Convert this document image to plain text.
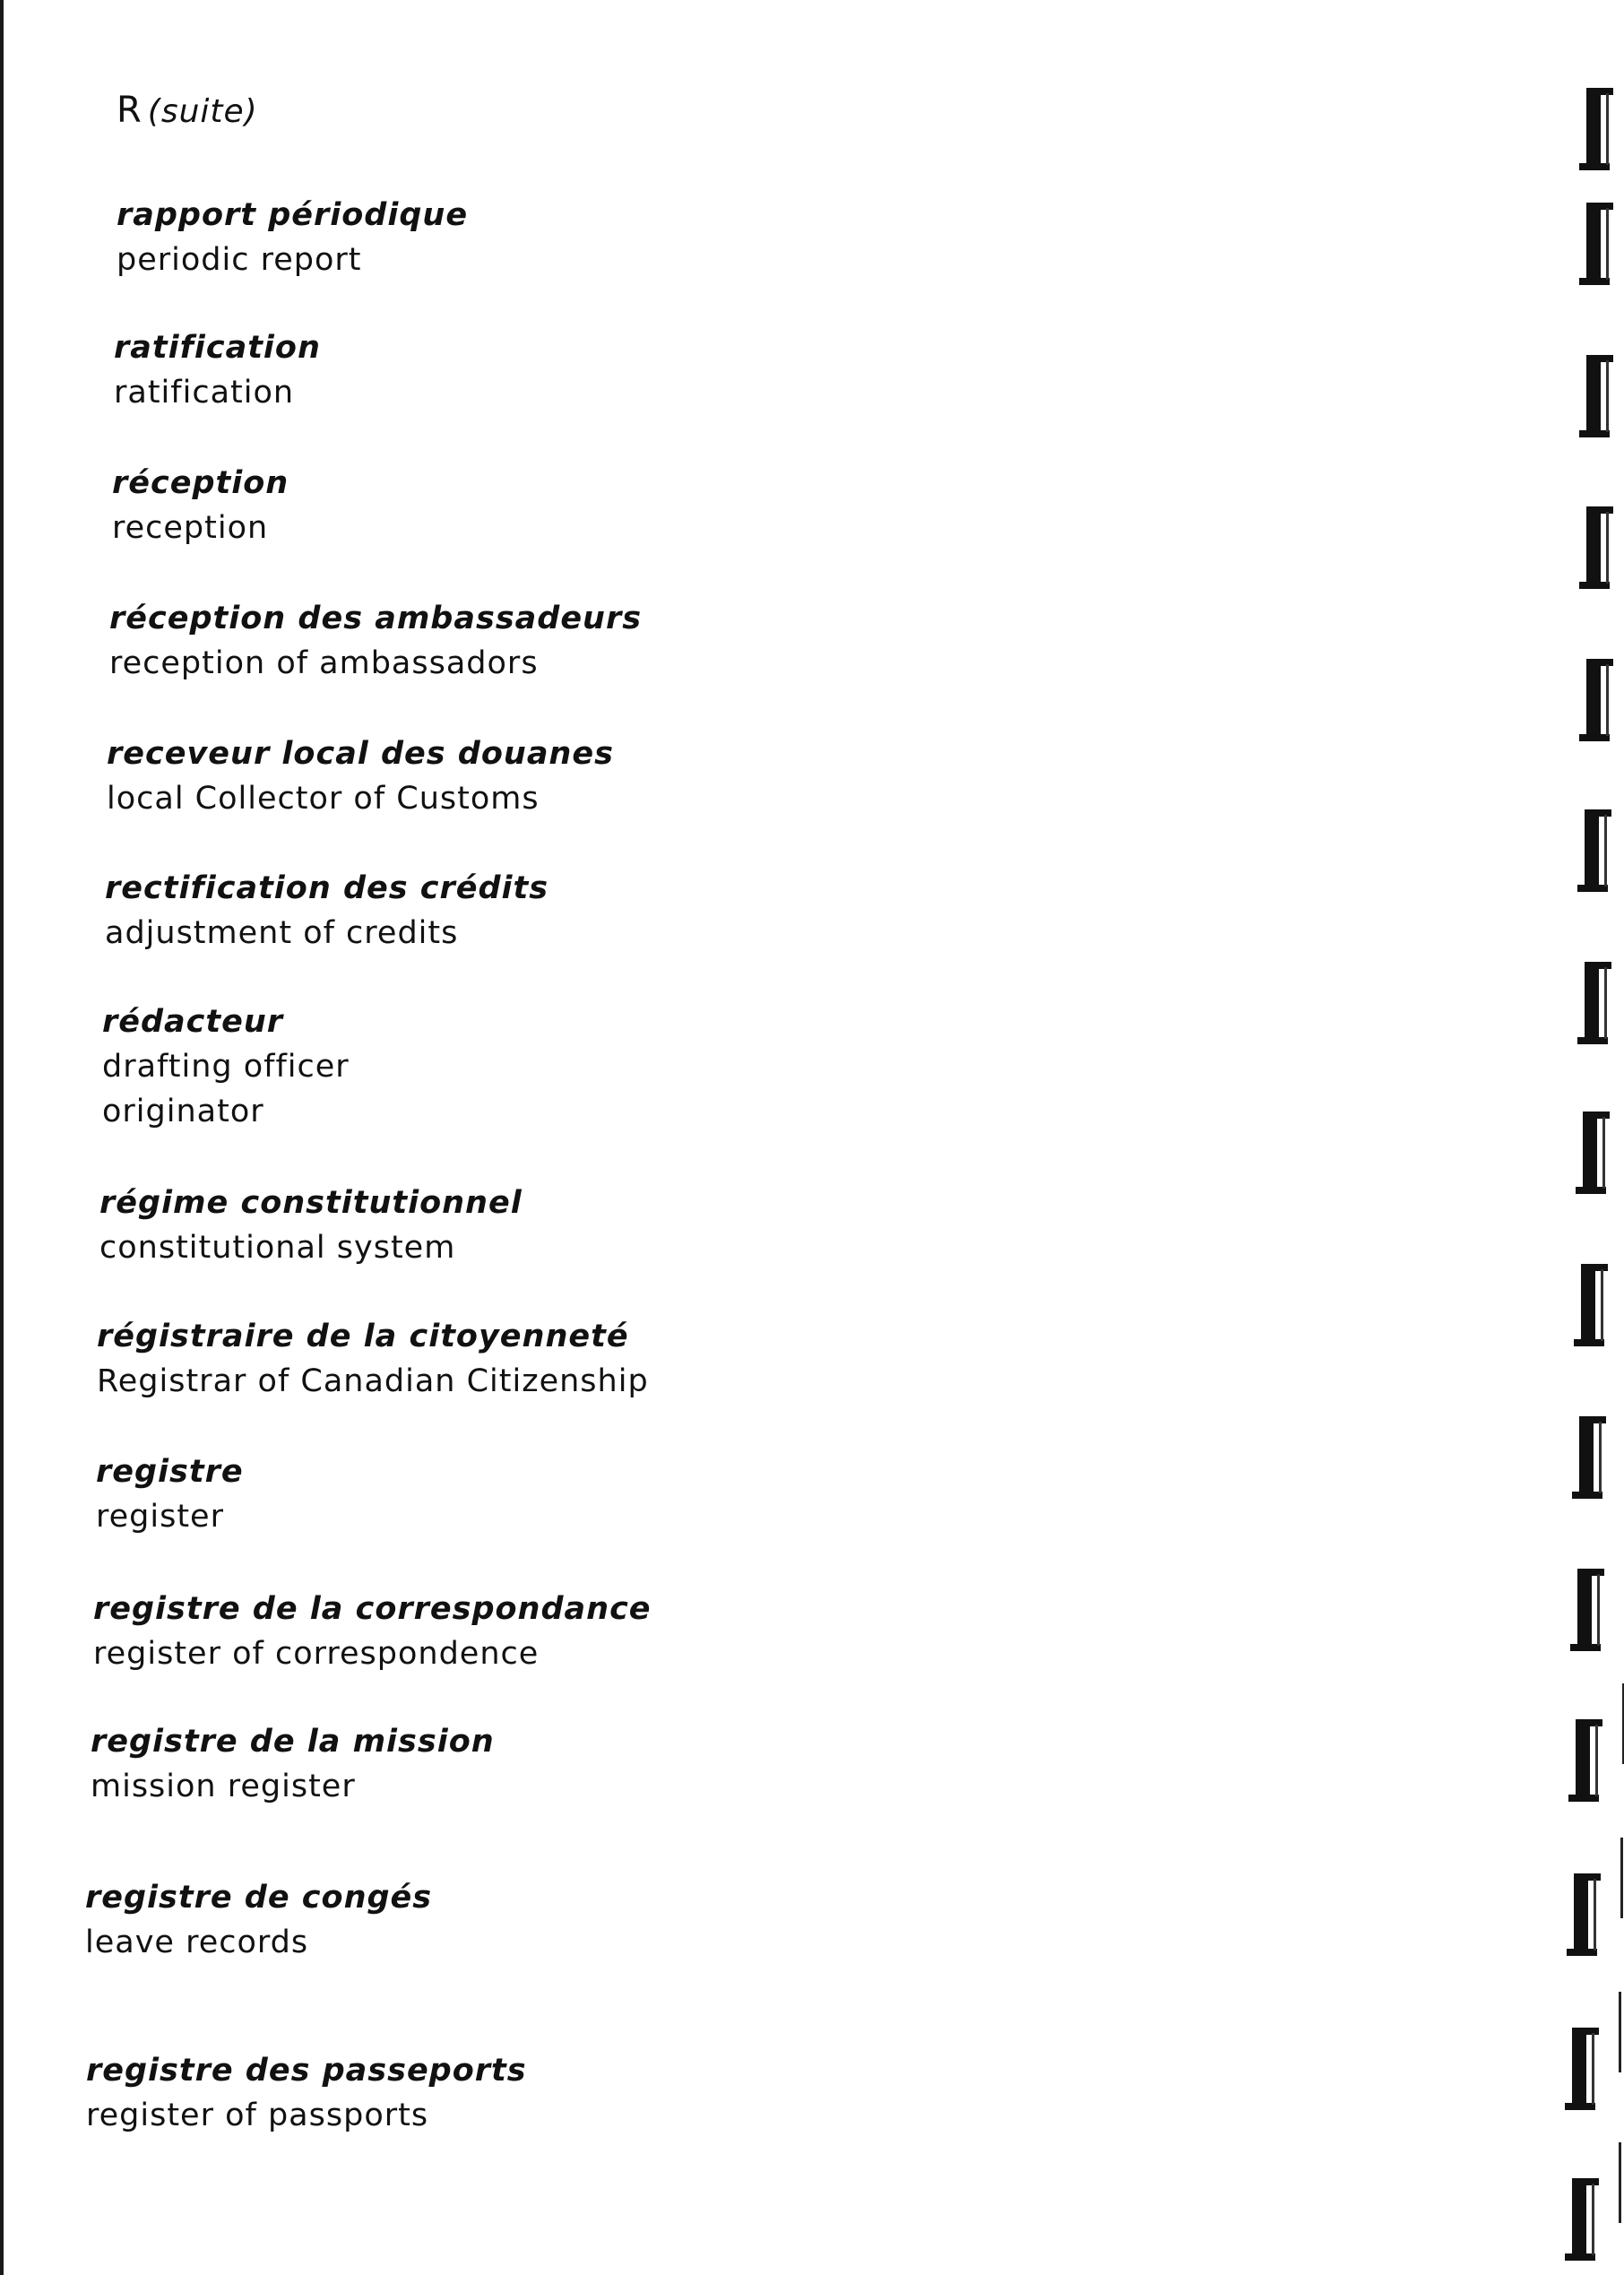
R (suite)
rapport périodique
periodic report
ratification
ratification
réception
reception
réception des ambassadeurs
reception of ambassadors
receveur local des douanes
local Collector of Customs
rectification des crédits
adjustment of credits
rédacteur
drafting officer
originator
régime constitutionnel
constitutional system
régistraire de la citoyenneté
Registrar of Canadian Citizenship
registre
register
registre de la correspondance
register of correspondence
registre de la mission
mission register
registre de congés
leave records
registre des passeports
register of passports
